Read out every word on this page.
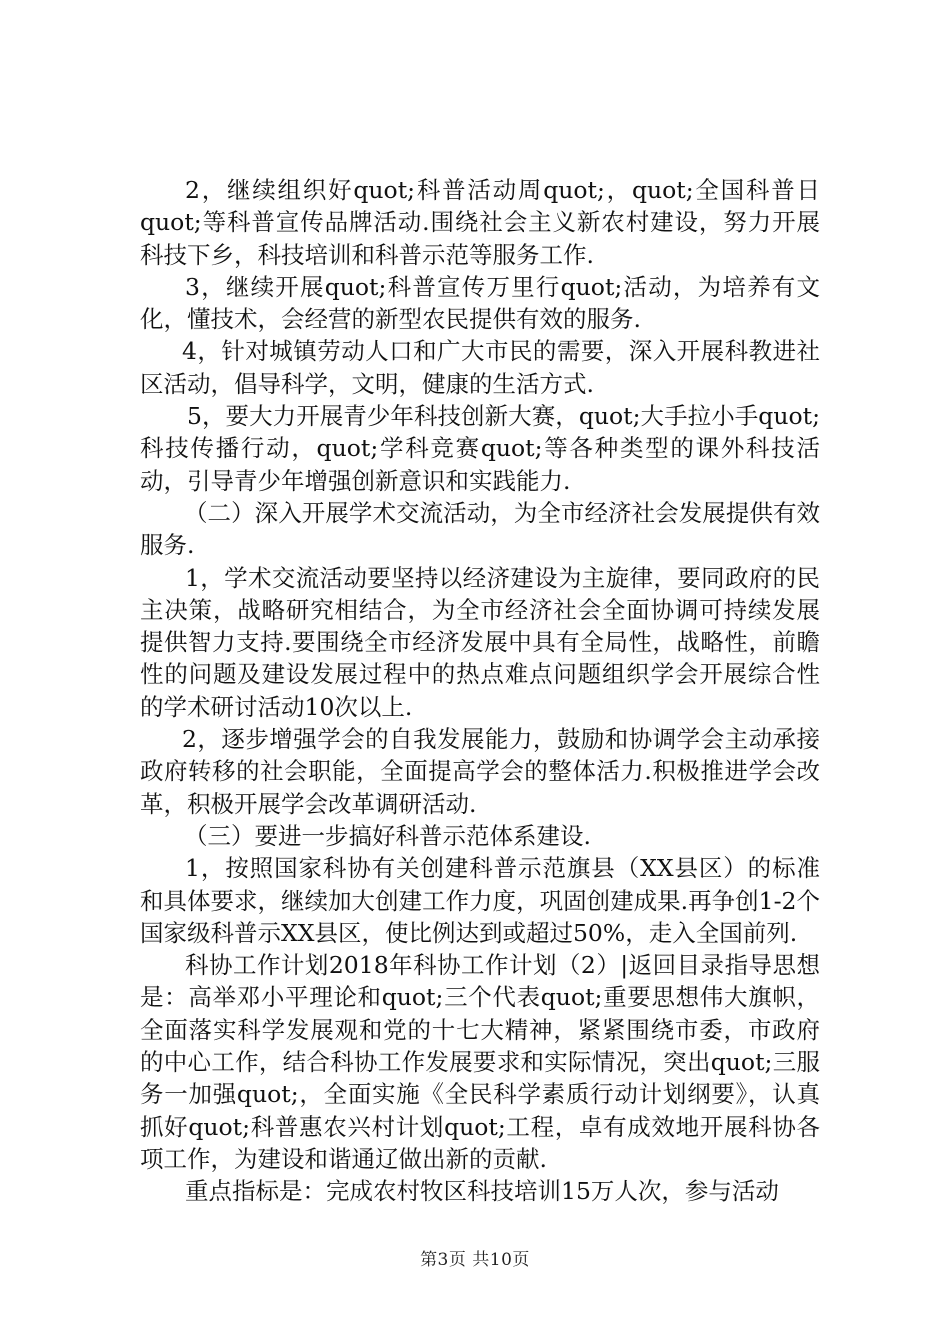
2，继续组织好quot;科普活动周quot;，quot;全国科普日quot;等科普宣传品牌活动.围绕社会主义新农村建设，努力开展科技下乡，科技培训和科普示范等服务工作.

3，继续开展quot;科普宣传万里行quot;活动，为培养有文化，懂技术，会经营的新型农民提供有效的服务.

4，针对城镇劳动人口和广大市民的需要，深入开展科教进社区活动，倡导科学，文明，健康的生活方式.

5，要大力开展青少年科技创新大赛，quot;大手拉小手quot;科技传播行动，quot;学科竞赛quot;等各种类型的课外科技活动，引导青少年增强创新意识和实践能力.

（二）深入开展学术交流活动，为全市经济社会发展提供有效服务.

1，学术交流活动要坚持以经济建设为主旋律，要同政府的民主决策，战略研究相结合，为全市经济社会全面协调可持续发展提供智力支持.要围绕全市经济发展中具有全局性，战略性，前瞻性的问题及建设发展过程中的热点难点问题组织学会开展综合性的学术研讨活动10次以上.

2，逐步增强学会的自我发展能力，鼓励和协调学会主动承接政府转移的社会职能，全面提高学会的整体活力.积极推进学会改革，积极开展学会改革调研活动.

（三）要进一步搞好科普示范体系建设.

1，按照国家科协有关创建科普示范旗县（XX县区）的标准和具体要求，继续加大创建工作力度，巩固创建成果.再争创1-2个国家级科普示XX县区，使比例达到或超过50%，走入全国前列.

科协工作计划2018年科协工作计划（2）|返回目录指导思想是：高举邓小平理论和quot;三个代表quot;重要思想伟大旗帜，全面落实科学发展观和党的十七大精神，紧紧围绕市委，市政府的中心工作，结合科协工作发展要求和实际情况，突出quot;三服务一加强quot;，全面实施《全民科学素质行动计划纲要》，认真抓好quot;科普惠农兴村计划quot;工程，卓有成效地开展科协各项工作，为建设和谐通辽做出新的贡献.

重点指标是：完成农村牧区科技培训15万人次，参与活动

第3页 共10页
